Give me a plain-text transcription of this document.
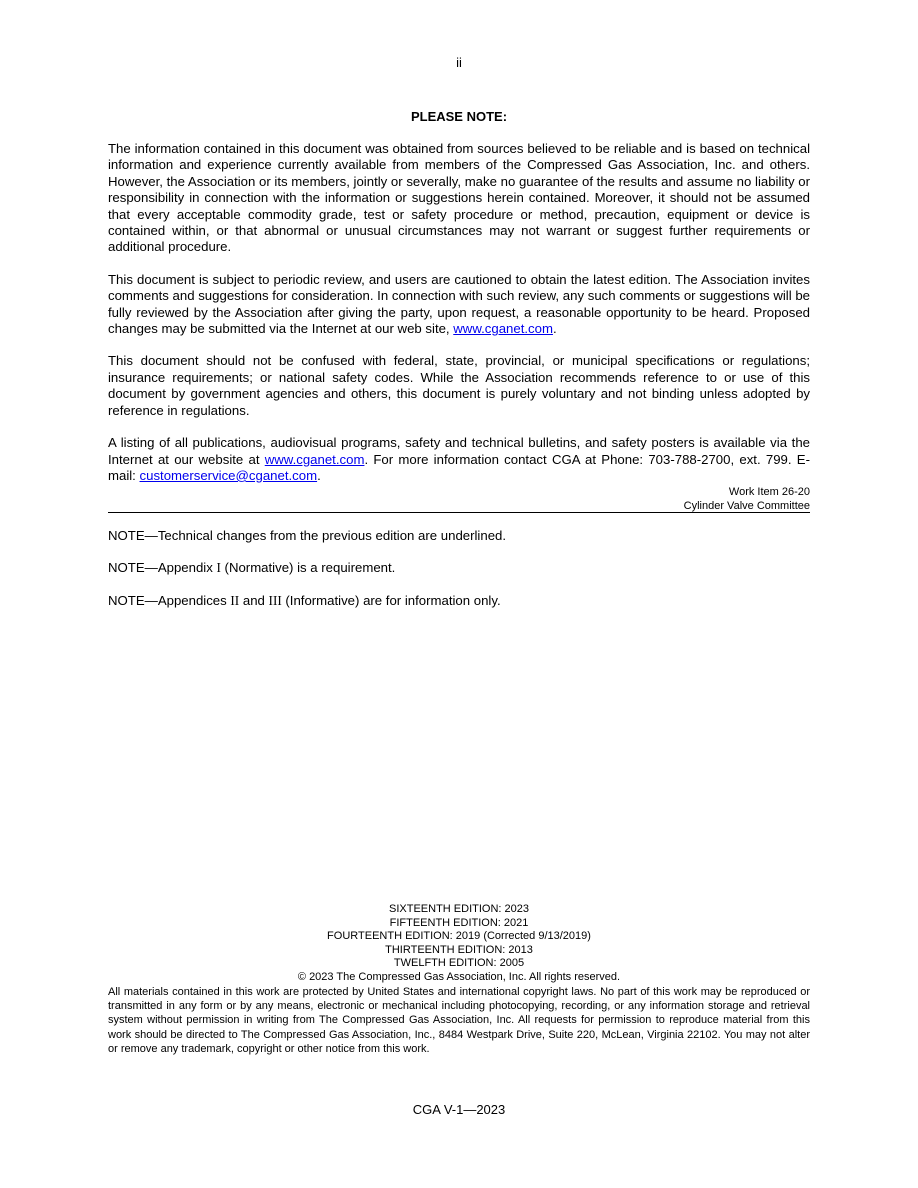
ii
PLEASE NOTE:

The information contained in this document was obtained from sources believed to be reliable and is based on technical information and experience currently available from members of the Compressed Gas Association, Inc. and others. However, the Association or its members, jointly or severally, make no guarantee of the results and assume no liability or responsibility in connection with the information or suggestions herein contained. Moreover, it should not be assumed that every acceptable commodity grade, test or safety procedure or method, precaution, equipment or device is contained within, or that abnormal or unusual circumstances may not warrant or suggest further requirements or additional procedure.

This document is subject to periodic review, and users are cautioned to obtain the latest edition. The Association invites comments and suggestions for consideration. In connection with such review, any such comments or suggestions will be fully reviewed by the Association after giving the party, upon request, a reasonable opportunity to be heard. Proposed changes may be submitted via the Internet at our web site, www.cganet.com.

This document should not be confused with federal, state, provincial, or municipal specifications or regulations; insurance requirements; or national safety codes. While the Association recommends reference to or use of this document by government agencies and others, this document is purely voluntary and not binding unless adopted by reference in regulations.

A listing of all publications, audiovisual programs, safety and technical bulletins, and safety posters is available via the Internet at our website at www.cganet.com. For more information contact CGA at Phone: 703-788-2700, ext. 799. E-mail: customerservice@cganet.com.

Work Item 26-20
Cylinder Valve Committee

NOTE—Technical changes from the previous edition are underlined.

NOTE—Appendix I (Normative) is a requirement.

NOTE—Appendices II and III (Informative) are for information only.

SIXTEENTH EDITION: 2023
FIFTEENTH EDITION: 2021
FOURTEENTH EDITION: 2019 (Corrected 9/13/2019)
THIRTEENTH EDITION: 2013
TWELFTH EDITION: 2005
© 2023 The Compressed Gas Association, Inc. All rights reserved.
All materials contained in this work are protected by United States and international copyright laws. No part of this work may be reproduced or transmitted in any form or by any means, electronic or mechanical including photocopying, recording, or any information storage and retrieval system without permission in writing from The Compressed Gas Association, Inc. All requests for permission to reproduce material from this work should be directed to The Compressed Gas Association, Inc., 8484 Westpark Drive, Suite 220, McLean, Virginia 22102. You may not alter or remove any trademark, copyright or other notice from this work.
CGA V-1—2023
